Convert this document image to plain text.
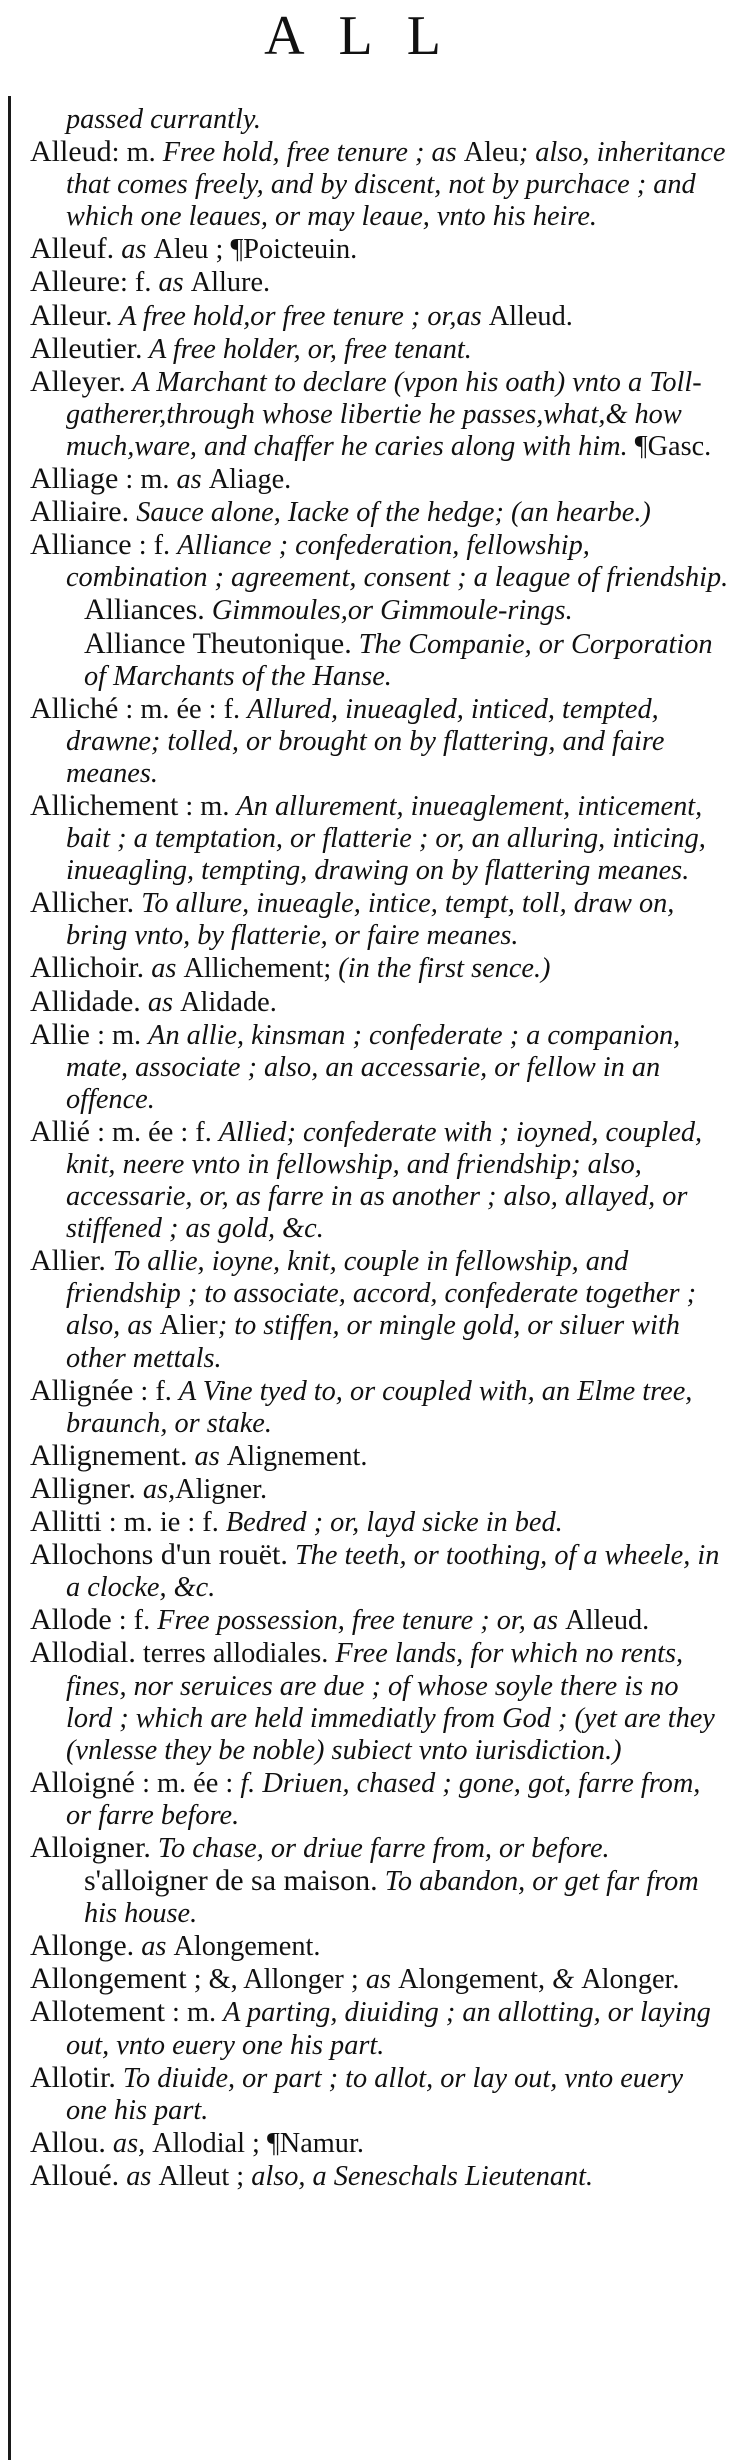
ALL

passed currantly.

Alleud: m. Free hold, free tenure ; as Aleu; also, inheritance that comes freely, and by discent, not by purchace ; and which one leaues, or may leaue, vnto his heire.

Alleuf. as Aleu ; ¶Poicteuin.

Alleure: f. as Allure.

Alleur. A free hold,or free tenure ; or,as Alleud.

Alleutier. A free holder, or, free tenant.

Alleyer. A Marchant to declare (vpon his oath) vnto a Toll-gatherer,through whose libertie he passes,what,& how much,ware, and chaffer he caries along with him. ¶Gasc.

Alliage : m. as Aliage.

Alliaire. Sauce alone, Iacke of the hedge; (an hearbe.)

Alliance : f. Alliance ; confederation, fellowship, combination ; agreement, consent ; a league of friendship.

Alliances. Gimmoules,or Gimmoule-rings.

Alliance Theutonique. The Companie, or Corporation of Marchants of the Hanse.

Alliché : m. ée : f. Allured, inueagled, inticed, tempted, drawne; tolled, or brought on by flattering, and faire meanes.

Allichement : m. An allurement, inueaglement, inticement, bait ; a temptation, or flatterie ; or, an alluring, inticing, inueagling, tempting, drawing on by flattering meanes.

Allicher. To allure, inueagle, intice, tempt, toll, draw on, bring vnto, by flatterie, or faire meanes.

Allichoir. as Allichement; (in the first sence.)

Allidade. as Alidade.

Allie : m. An allie, kinsman ; confederate ; a companion, mate, associate ; also, an accessarie, or fellow in an offence.

Allié : m. ée : f. Allied; confederate with ; ioyned, coupled, knit, neere vnto in fellowship, and friendship; also, accessarie, or, as farre in as another ; also, allayed, or stiffened ; as gold, &c.

Allier. To allie, ioyne, knit, couple in fellowship, and friendship ; to associate, accord, confederate together ; also, as Alier; to stiffen, or mingle gold, or siluer with other mettals.

Allignée : f. A Vine tyed to, or coupled with, an Elme tree, braunch, or stake.

Allignement. as Alignement.

Alligner. as,Aligner.

Allitti : m. ie : f. Bedred ; or, layd sicke in bed.

Allochons d'un rouët. The teeth, or toothing, of a wheele, in a clocke, &c.

Allode : f. Free possession, free tenure ; or, as Alleud.

Allodial. terres allodiales. Free lands, for which no rents, fines, nor seruices are due ; of whose soyle there is no lord ; which are held immediatly from God ; (yet are they (vnlesse they be noble) subiect vnto iurisdiction.)

Alloigné : m. ée : f. Driuen, chased ; gone, got, farre from, or farre before.

Alloigner. To chase, or driue farre from, or before.

s'alloigner de sa maison. To abandon, or get far from his house.

Allonge. as Alongement.

Allongement ; &, Allonger ; as Alongement, & Alonger.

Allotement : m. A parting, diuiding ; an allotting, or laying out, vnto euery one his part.

Allotir. To diuide, or part ; to allot, or lay out, vnto euery one his part.

Allou. as, Allodial ; ¶Namur.

Alloué. as Alleut ; also, a Seneschals Lieutenant.
